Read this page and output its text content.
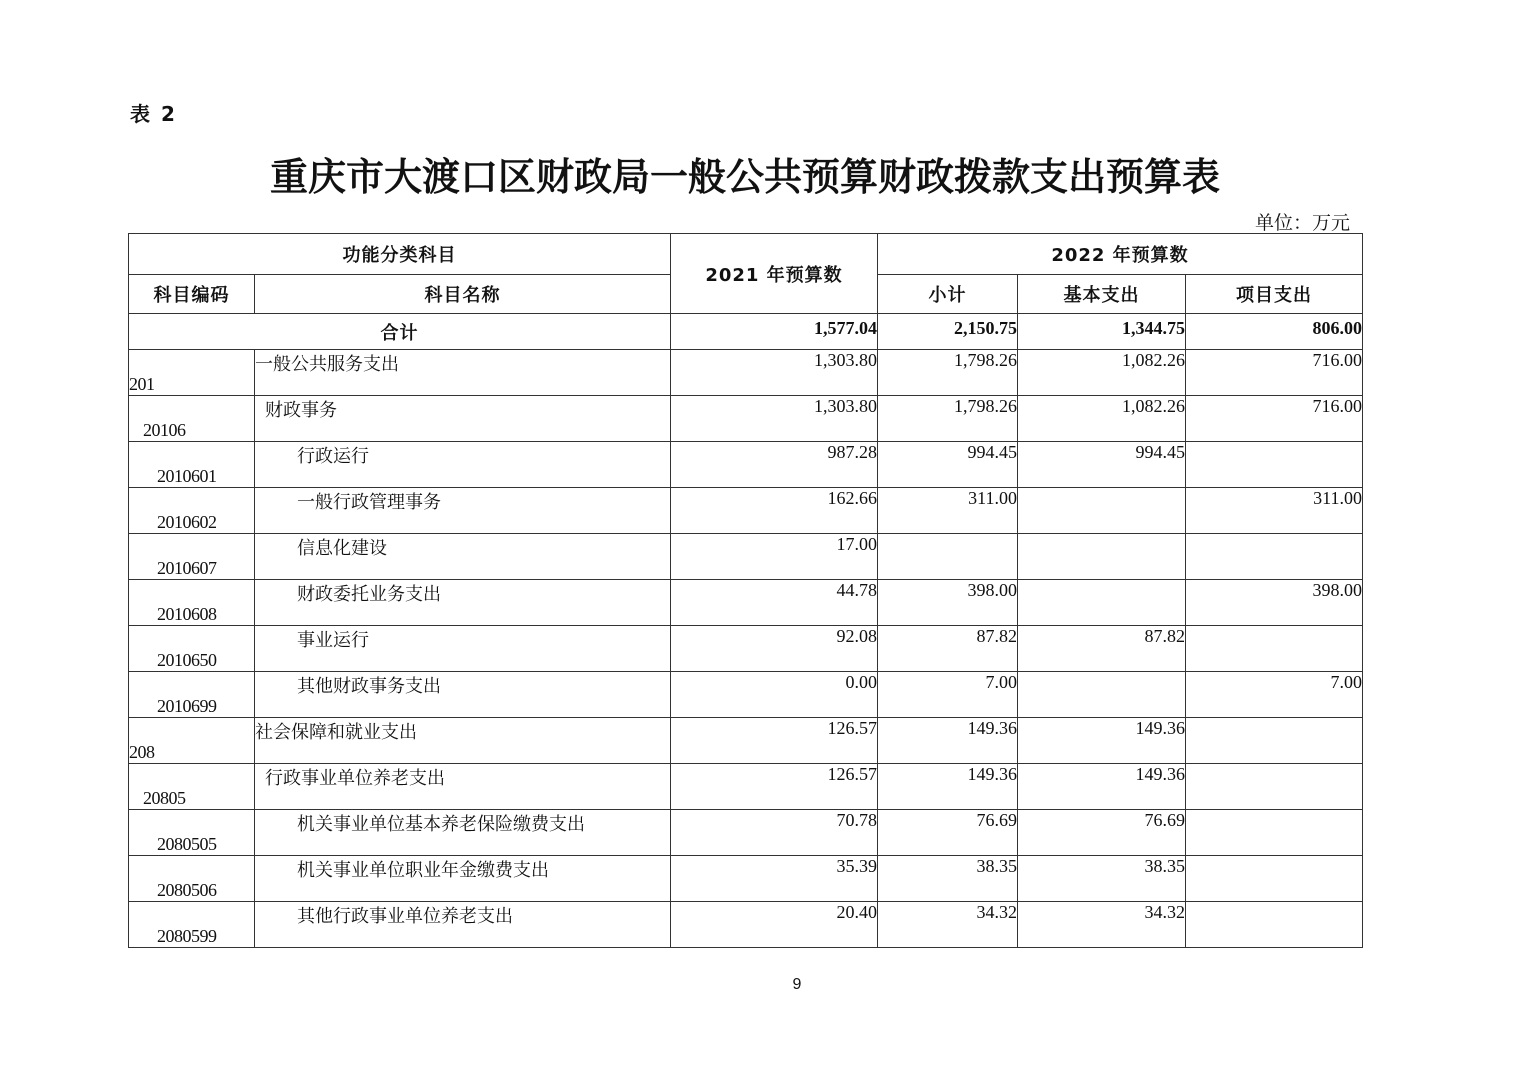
表 2
重庆市大渡口区财政局一般公共预算财政拨款支出预算表
单位：万元
功能分类科目		2021 年预算数	2022 年预算数		
科目编码	科目名称		小计	基本支出	项目支出
合计		1,577.04	2,150.75	1,344.75	806.00
201	一般公共服务支出	1,303.80	1,798.26	1,082.26	716.00
20106	财政事务	1,303.80	1,798.26	1,082.26	716.00
2010601	行政运行	987.28	994.45	994.45	
2010602	一般行政管理事务	162.66	311.00		311.00
2010607	信息化建设	17.00			
2010608	财政委托业务支出	44.78	398.00		398.00
2010650	事业运行	92.08	87.82	87.82	
2010699	其他财政事务支出	0.00	7.00		7.00
208	社会保障和就业支出	126.57	149.36	149.36	
20805	行政事业单位养老支出	126.57	149.36	149.36	
2080505	机关事业单位基本养老保险缴费支出	70.78	76.69	76.69	
2080506	机关事业单位职业年金缴费支出	35.39	38.35	38.35	
2080599	其他行政事业单位养老支出	20.40	34.32	34.32	
9
